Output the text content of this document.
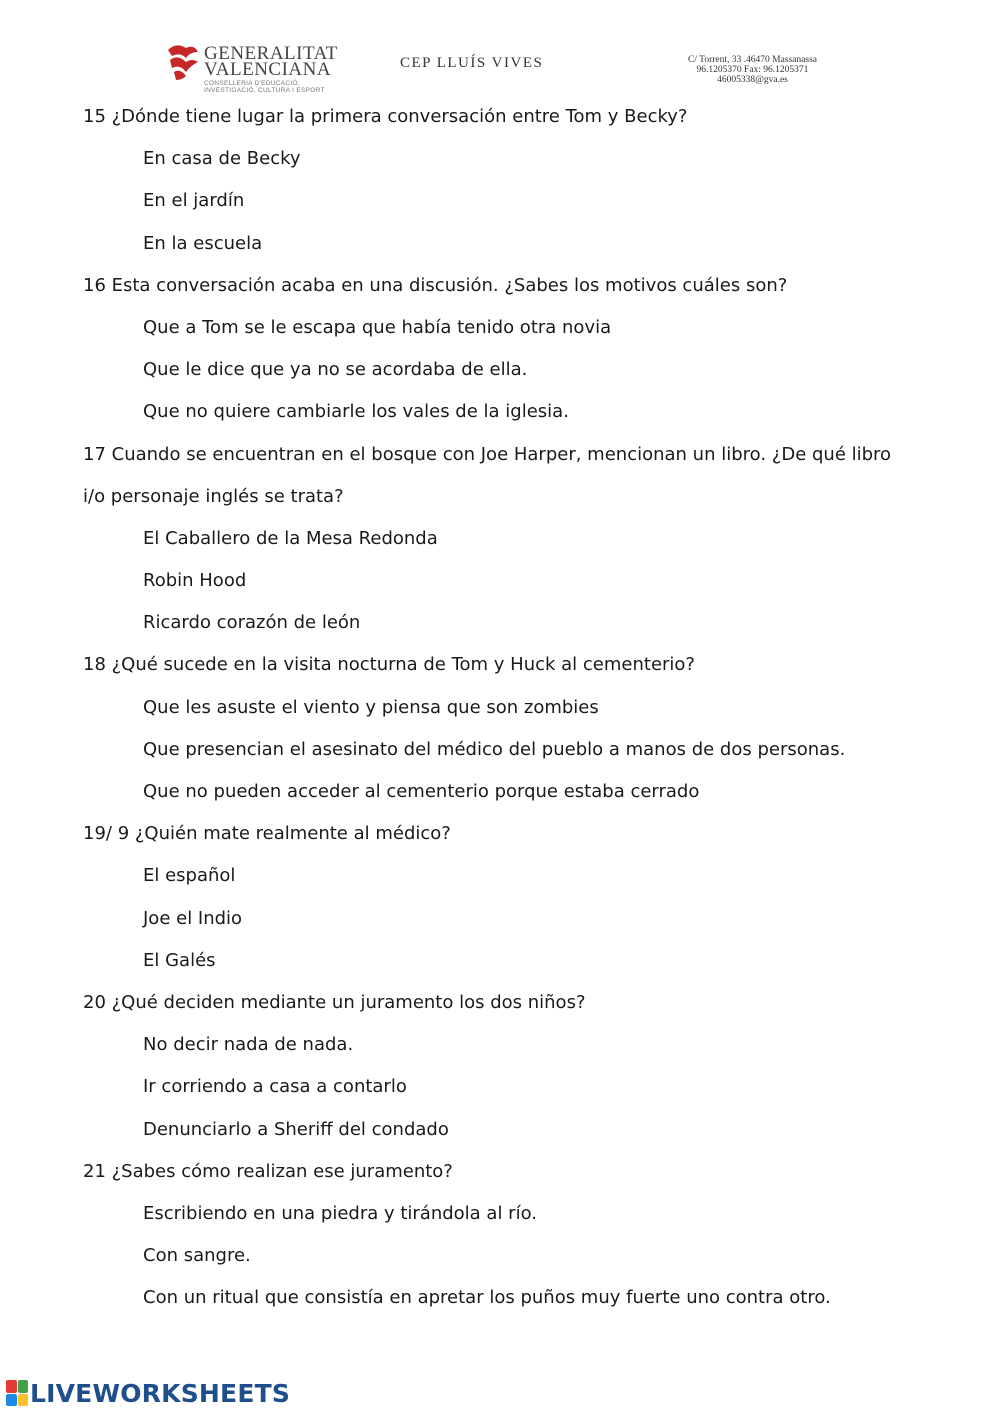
GENERALITAT
VALENCIANA
CONSELLERIA D'EDUCACIÓ,
INVESTIGACIÓ, CULTURA I ESPORT
CEP LLUÍS VIVES	C/ Torrent, 33 .46470 Massanassa
96.1205370 Fax: 96.1205371
46005338@gva.es
15 ¿Dónde tiene lugar la primera conversación entre Tom y Becky?
En casa de Becky
En el jardín
En la escuela
16 Esta conversación acaba en una discusión. ¿Sabes los motivos cuáles son?
Que a Tom se le escapa que había tenido otra novia
Que le dice que ya no se acordaba de ella.
Que no quiere cambiarle los vales de la iglesia.
17 Cuando se encuentran en el bosque con Joe Harper, mencionan un libro. ¿De qué libro
i/o personaje inglés se trata?
El Caballero de la Mesa Redonda
Robin Hood
Ricardo corazón de león
18 ¿Qué sucede en la visita nocturna de Tom y Huck al cementerio?
Que les asuste el viento y piensa que son zombies
Que presencian el asesinato del médico del pueblo a manos de dos personas.
Que no pueden acceder al cementerio porque estaba cerrado
19/ 9 ¿Quién mate realmente al médico?
El español
Joe el Indio
El Galés
20 ¿Qué deciden mediante un juramento los dos niños?
No decir nada de nada.
Ir corriendo a casa a contarlo
Denunciarlo a Sheriff del condado
21 ¿Sabes cómo realizan ese juramento?
Escribiendo en una piedra y tirándola al río.
Con sangre.
Con un ritual que consistía en apretar los puños muy fuerte uno contra otro.
LIVEWORKSHEETS
